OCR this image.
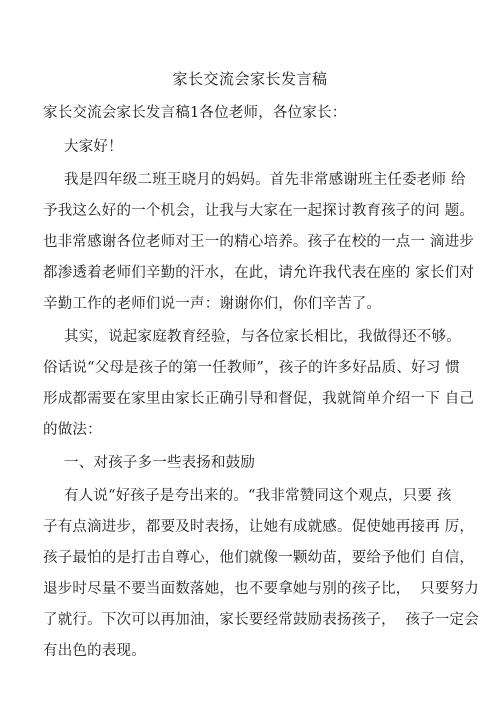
家长交流会家长发言稿
家长交流会家长发言稿1各位老师，各位家长：
大家好！
我是四年级二班王晓月的妈妈。首先非常感谢班主任委老师 给
予我这么好的一个机会，让我与大家在一起探讨教育孩子的问 题。
也非常感谢各位老师对王一的精心培养。孩子在校的一点一 滴进步
都渗透着老师们辛勤的汗水，在此，请允许我代表在座的 家长们对
辛勤工作的老师们说一声：谢谢你们，你们辛苦了。
其实，说起家庭教育经验，与各位家长相比，我做得还不够。
俗话说“父母是孩子的第一任教师”，孩子的许多好品质、好习 惯
形成都需要在家里由家长正确引导和督促，我就简单介绍一下 自己
的做法：
一、对孩子多一些表扬和鼓励
有人说“好孩子是夸出来的。“我非常赞同这个观点，只要 孩
子有点滴进步，都要及时表扬，让她有成就感。促使她再接再 厉，
孩子最怕的是打击自尊心，他们就像一颗幼苗，要给予他们 自信，
退步时尽量不要当面数落她，也不要拿她与别的孩子比，  只要努力
了就行。下次可以再加油，家长要经常鼓励表扬孩子，  孩子一定会
有出色的表现。
